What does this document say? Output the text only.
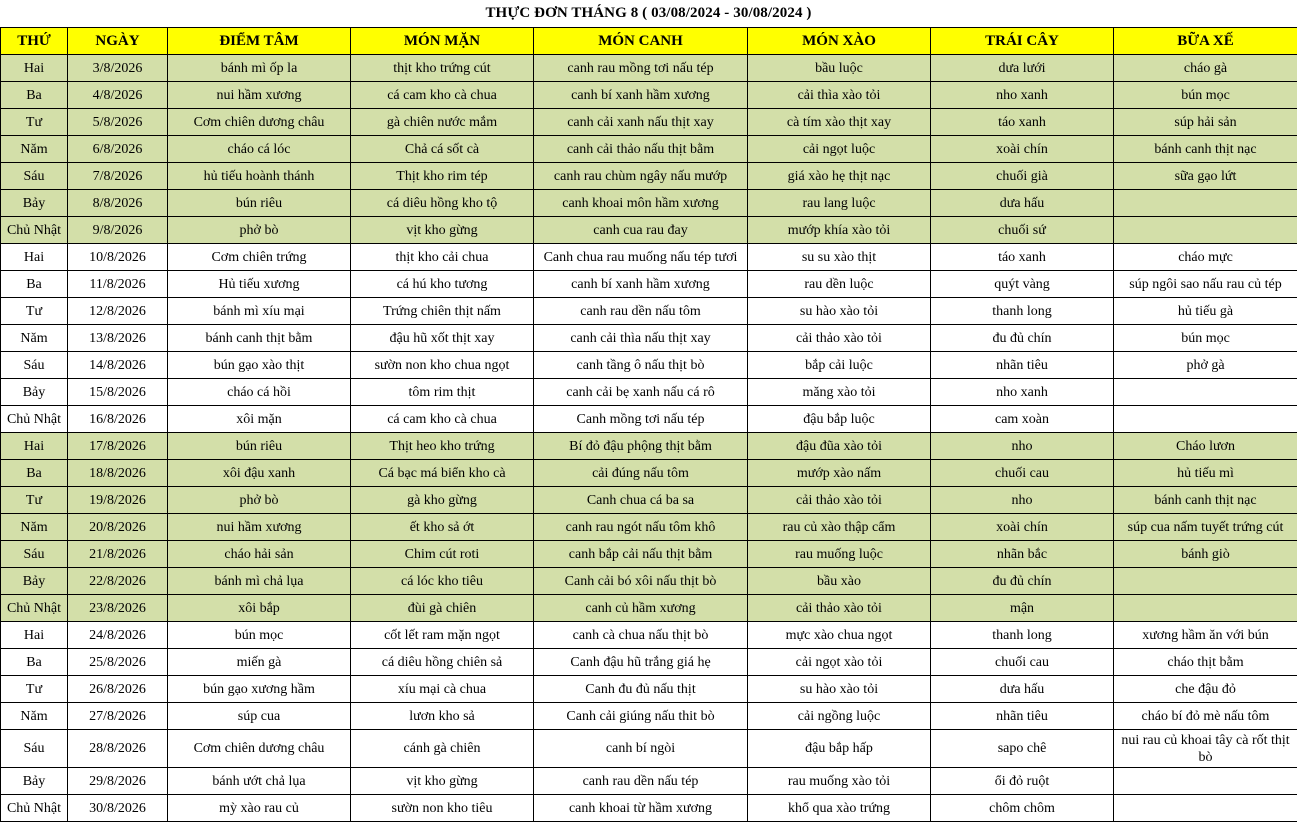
THỰC ĐƠN THÁNG 8 ( 03/08/2024 - 30/08/2024 )
THỨ	NGÀY	ĐIỂM TÂM	MÓN MẶN	MÓN CANH	MÓN XÀO	TRÁI CÂY	BỮA XẾ
Hai	3/8/2026	bánh mì ốp la	thịt kho trứng cút	canh rau mồng tơi nấu tép	bầu luộc	dưa lưới	cháo gà
Ba	4/8/2026	nui hầm xương	cá cam kho cà chua	canh bí xanh hầm xương	cải thìa xào tỏi	nho xanh	bún mọc
Tư	5/8/2026	Cơm chiên dương châu	gà chiên nước mắm	canh cải xanh nấu thịt xay	cà tím xào thịt xay	táo xanh	súp hải sản
Năm	6/8/2026	cháo cá lóc	Chả cá sốt cà	canh cải thảo nấu thịt bằm	cải ngọt luộc	xoài chín	bánh canh thịt nạc
Sáu	7/8/2026	hủ tiếu hoành thánh	Thịt kho rim tép	canh rau chùm ngây nấu mướp	giá xào hẹ thịt nạc	chuối già	sữa gạo lứt
Bảy	8/8/2026	bún riêu	cá diêu hồng kho tộ	canh khoai môn hầm xương	rau lang luộc	dưa hấu	
Chủ Nhật	9/8/2026	phở bò	vịt kho gừng	canh cua rau đay	mướp khía xào tỏi	chuối sứ	
Hai	10/8/2026	Cơm chiên trứng	thịt kho cải chua	Canh chua rau muống nấu tép tươi	su su xào thịt	táo xanh	cháo mực
Ba	11/8/2026	Hủ tiếu xương	cá hú kho tương	canh bí xanh hầm xương	rau dền luộc	quýt vàng	súp ngôi sao nấu rau củ tép
Tư	12/8/2026	bánh mì xíu mại	Trứng chiên thịt nấm	canh rau dền nấu tôm	su hào xào tỏi	thanh long	hủ tiếu gà
Năm	13/8/2026	bánh canh thịt bằm	đậu hũ xốt thịt xay	canh cải thìa nấu thịt xay	cải thảo xào tỏi	đu đủ chín	bún mọc
Sáu	14/8/2026	bún gạo xào thịt	sườn non kho chua ngọt	canh tầng ô nấu thịt bò	bắp cải luộc	nhãn tiêu	phở gà
Bảy	15/8/2026	cháo cá hồi	tôm rim thịt	canh cải bẹ xanh nấu cá rô	măng xào tỏi	nho xanh	
Chủ Nhật	16/8/2026	xôi mặn	cá cam kho cà chua	Canh mồng tơi nấu tép	đậu bắp luộc	cam xoàn	
Hai	17/8/2026	bún riêu	Thịt heo kho trứng	Bí đỏ đậu phộng thịt bằm	đậu đũa xào tỏi	nho	Cháo lươn
Ba	18/8/2026	xôi đậu xanh	Cá bạc má biển kho cà	cải đúng nấu tôm	mướp xào nấm	chuối cau	hủ tiếu mì
Tư	19/8/2026	phở bò	gà kho gừng	Canh chua cá ba sa	cải thảo xào tỏi	nho	bánh canh thịt nạc
Năm	20/8/2026	nui hầm xương	ết kho sả ớt	canh rau ngót nấu tôm khô	rau củ xào thập cẩm	xoài chín	súp cua nấm tuyết trứng cút
Sáu	21/8/2026	cháo hải sản	Chim cút roti	canh bắp cải nấu thịt bằm	rau muống luộc	nhãn bắc	bánh giò
Bảy	22/8/2026	bánh mì chả lụa	cá lóc kho tiêu	Canh cải bó xôi nấu thịt bò	bầu xào	đu đủ chín	
Chủ Nhật	23/8/2026	xôi bắp	đùi gà chiên	canh củ hầm xương	cải thảo xào tỏi	mận	
Hai	24/8/2026	bún mọc	cốt lết ram mặn ngọt	canh cà chua nấu thịt bò	mực xào chua ngọt	thanh long	xương hầm ăn với bún
Ba	25/8/2026	miến gà	cá diêu hồng chiên sả	Canh đậu hũ trắng giá hẹ	cải ngọt xào tỏi	chuối cau	cháo thịt bằm
Tư	26/8/2026	bún gạo xương hầm	xíu mại cà chua	Canh đu đủ nấu thịt	su hào xào tỏi	dưa hấu	che đậu đỏ
Năm	27/8/2026	súp cua	lươn kho sả	Canh cải giúng nấu thit bò	cải ngồng luộc	nhãn tiêu	cháo bí đỏ mè nấu tôm
Sáu	28/8/2026	Cơm chiên dương châu	cánh gà chiên	canh bí ngòi	đậu bắp hấp	sapo chê	nui rau củ khoai tây cà rốt thịt bò
Bảy	29/8/2026	bánh ướt chả lụa	vịt kho gừng	canh rau dền nấu tép	rau muống xào tỏi	ổi đỏ ruột	
Chủ Nhật	30/8/2026	mỳ xào rau củ	sườn non kho tiêu	canh khoai từ hầm xương	khổ qua xào trứng	chôm chôm	
